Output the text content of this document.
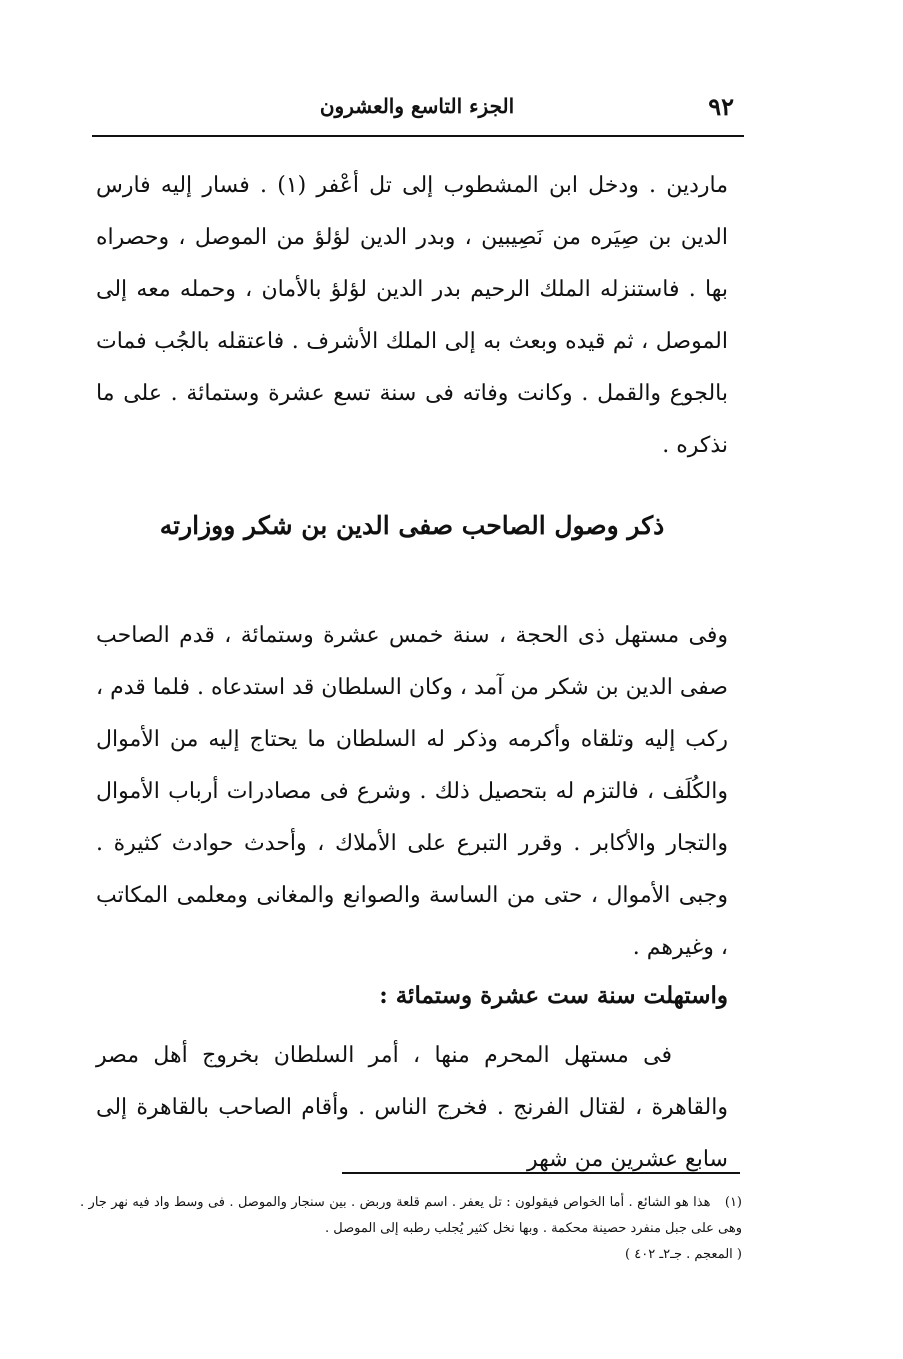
٩٢
الجزء التاسع والعشرون

ماردين . ودخل ابن المشطوب إلى تل أعْفر (١) . فسار إليه فارس الدين بن صِيَره من نَصِيبين ، وبدر الدين لؤلؤ من الموصل ، وحصراه بها . فاستنزله الملك الرحيم بدر الدين لؤلؤ بالأمان ، وحمله معه إلى الموصل ، ثم قيده وبعث به إلى الملك الأشرف . فاعتقله بالجُب فمات بالجوع والقمل . وكانت وفاته فى سنة تسع عشرة وستمائة . على ما نذكره .

ذكر وصول الصاحب صفى الدين بن شكر ووزارته

وفى مستهل ذى الحجة ، سنة خمس عشرة وستمائة ، قدم الصاحب صفى الدين بن شكر من آمد ، وكان السلطان قد استدعاه . فلما قدم ، ركب إليه وتلقاه وأكرمه وذكر له السلطان ما يحتاج إليه من الأموال والكُلَف ، فالتزم له بتحصيل ذلك . وشرع فى مصادرات أرباب الأموال والتجار والأكابر . وقرر التبرع على الأملاك ، وأحدث حوادث كثيرة . وجبى الأموال ، حتى من الساسة والصوانع والمغانى ومعلمى المكاتب ، وغيرهم .

واستهلت سنة ست عشرة وستمائة :

فى مستهل المحرم منها ، أمر السلطان بخروج أهل مصر والقاهرة ، لقتال الفرنج . فخرج الناس . وأقام الصاحب بالقاهرة إلى سابع عشرين من شهر

(١) هذا هو الشائع . أما الخواص فيقولون : تل يعفر . اسم قلعة وربض . بين سنجار والموصل . فى وسط واد فيه نهر جار . وهى على جبل منفرد حصينة محكمة . وبها نخل كثير يُجلب رطبه إلى الموصل .
( المعجم . جـ٢ـ ٤٠٢ )
